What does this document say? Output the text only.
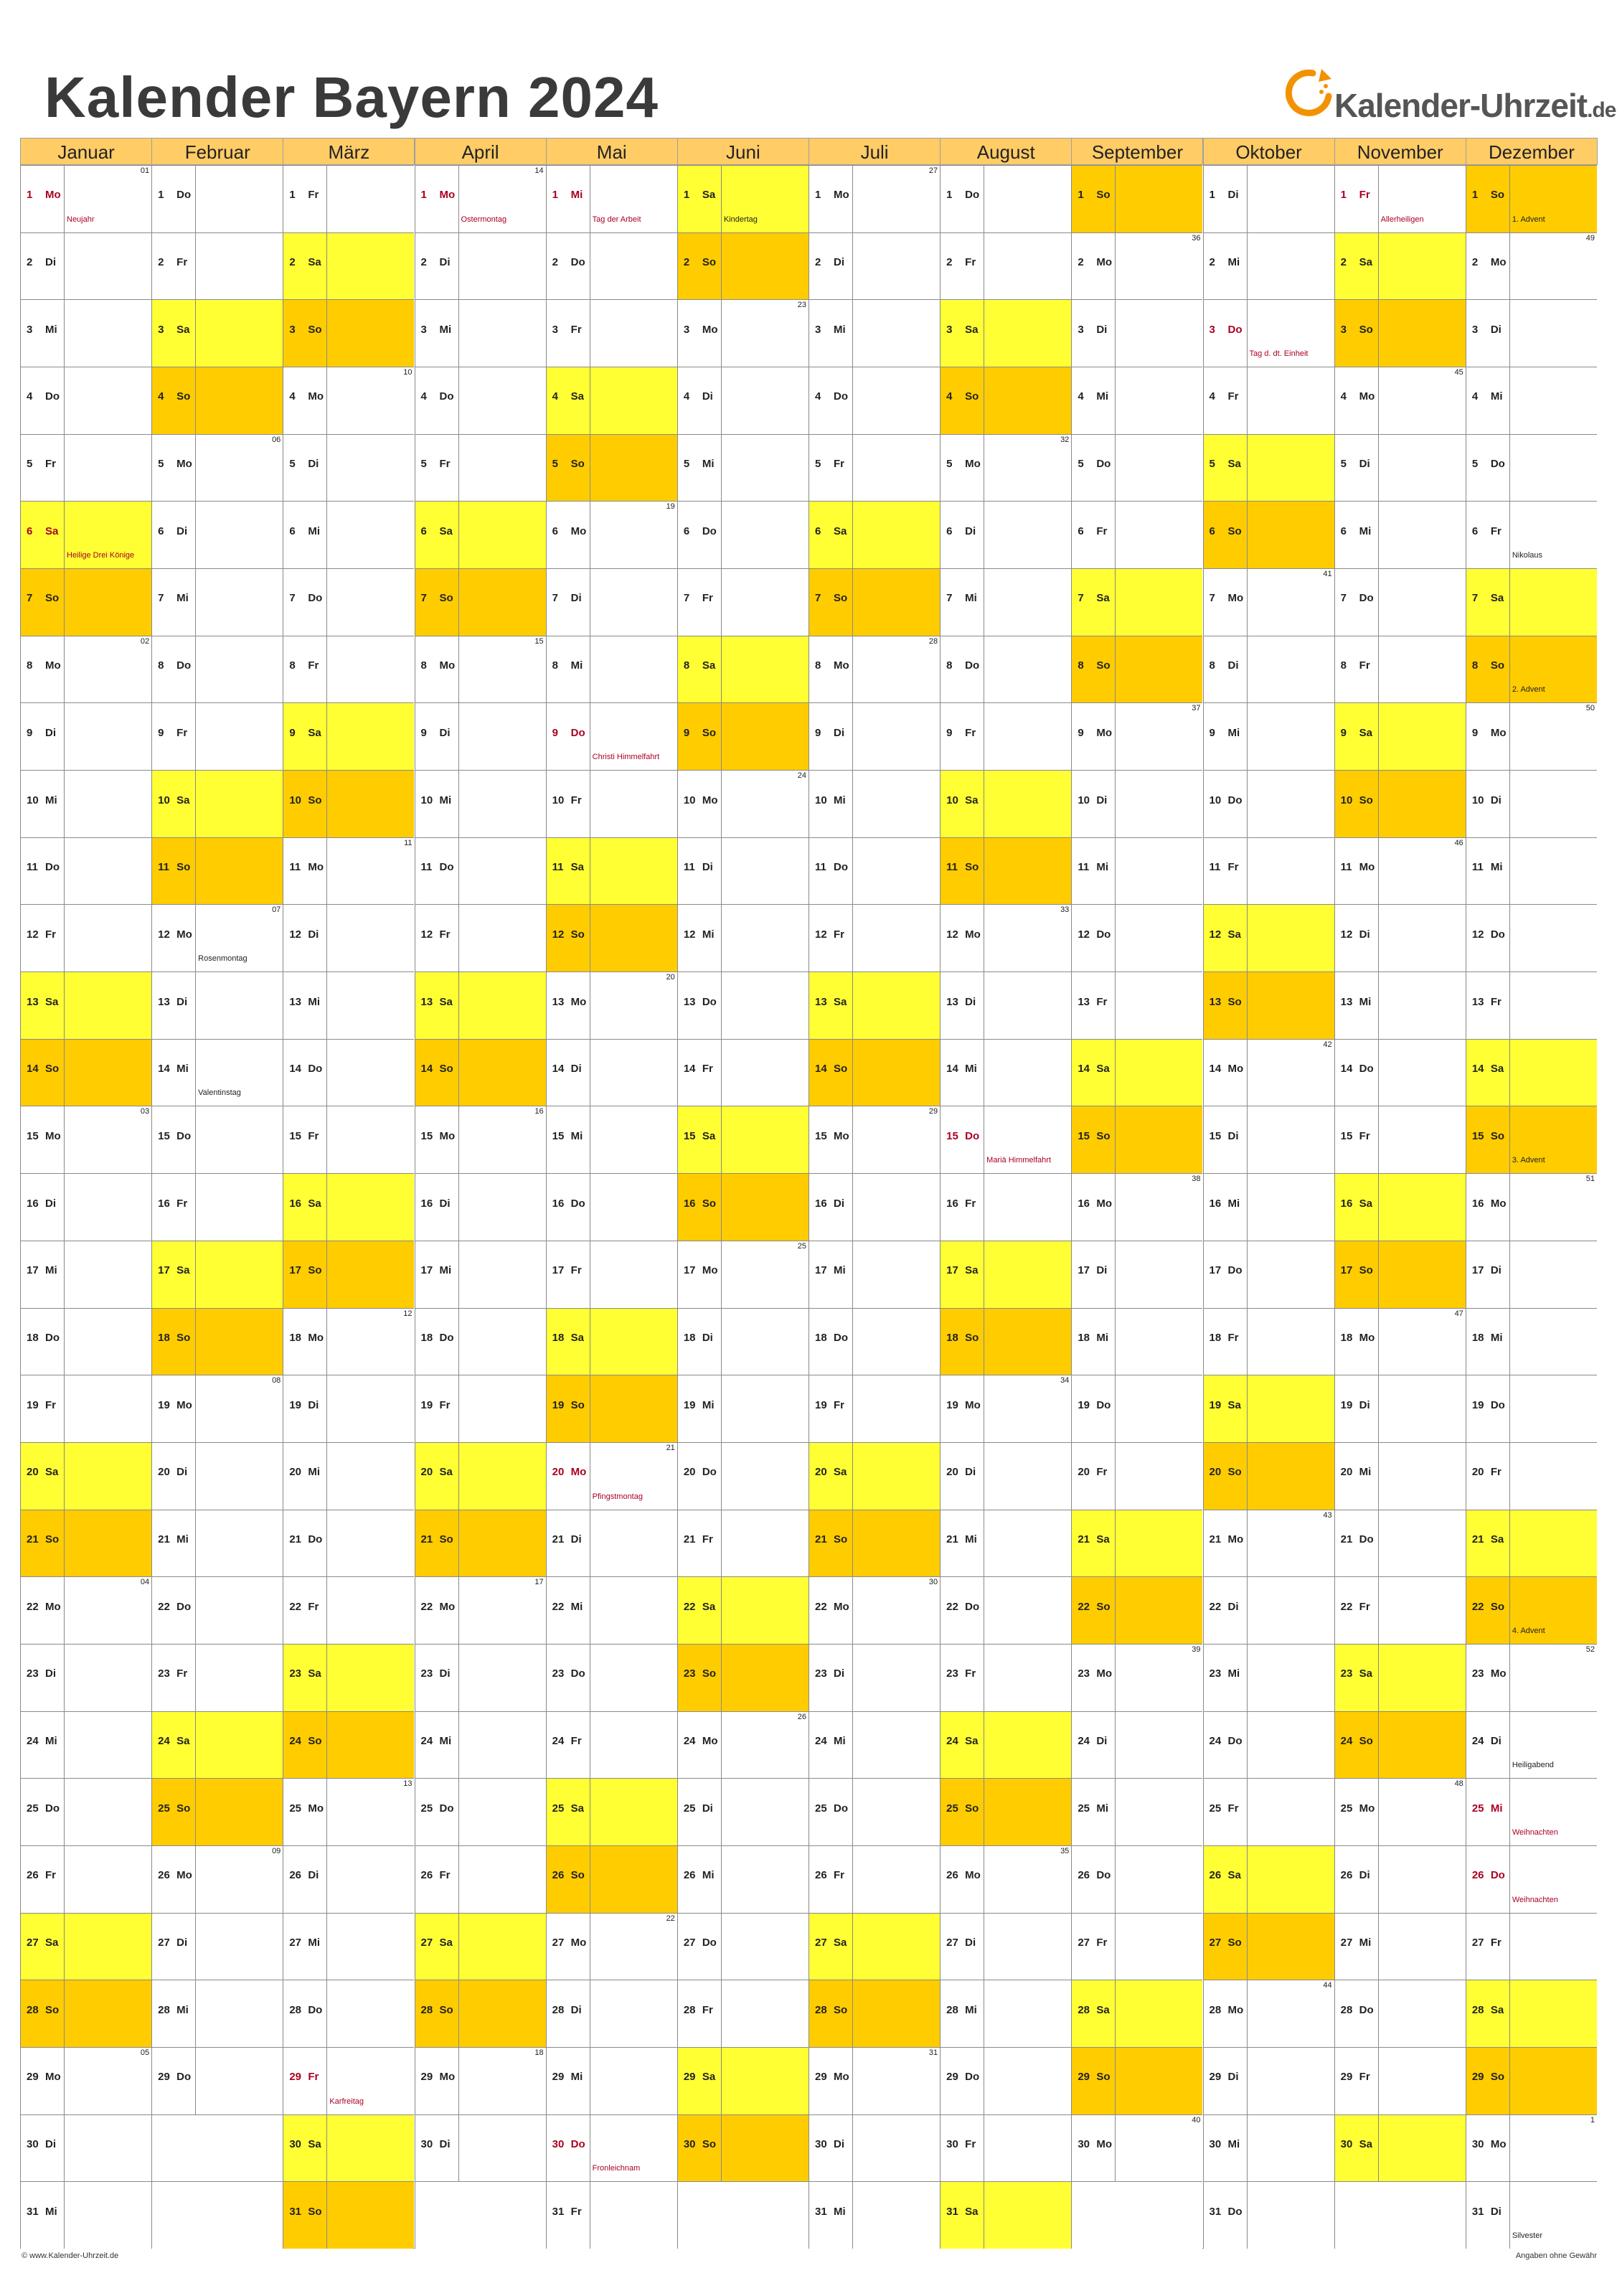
Kalender Bayern 2024	Kalender-Uhrzeit.de
Januar
1 Mo
Neujahr
01
2 Di
3 Mi
4 Do
5 Fr
6 Sa
Heilige Drei Könige
7 So
8 Mo
02
9 Di
10 Mi
11 Do
12 Fr
13 Sa
14 So
15 Mo
03
16 Di
17 Mi
18 Do
19 Fr
20 Sa
21 So
22 Mo
04
23 Di
24 Mi
25 Do
26 Fr
27 Sa
28 So
29 Mo
05
30 Di
31 Mi
Februar
1 Do
2 Fr
3 Sa
4 So
5 Mo
06
6 Di
7 Mi
8 Do
9 Fr
10 Sa
11 So
12 Mo
Rosenmontag
07
13 Di
14 Mi
Valentinstag
15 Do
16 Fr
17 Sa
18 So
19 Mo
08
20 Di
21 Mi
22 Do
23 Fr
24 Sa
25 So
26 Mo
09
27 Di
28 Mi
29 Do
März
1 Fr
2 Sa
3 So
4 Mo
10
5 Di
6 Mi
7 Do
8 Fr
9 Sa
10 So
11 Mo
11
12 Di
13 Mi
14 Do
15 Fr
16 Sa
17 So
18 Mo
12
19 Di
20 Mi
21 Do
22 Fr
23 Sa
24 So
25 Mo
13
26 Di
27 Mi
28 Do
29 Fr
Karfreitag
30 Sa
31 So
April
1 Mo
Ostermontag
14
2 Di
3 Mi
4 Do
5 Fr
6 Sa
7 So
8 Mo
15
9 Di
10 Mi
11 Do
12 Fr
13 Sa
14 So
15 Mo
16
16 Di
17 Mi
18 Do
19 Fr
20 Sa
21 So
22 Mo
17
23 Di
24 Mi
25 Do
26 Fr
27 Sa
28 So
29 Mo
18
30 Di
Mai
1 Mi
Tag der Arbeit
2 Do
3 Fr
4 Sa
5 So
6 Mo
19
7 Di
8 Mi
9 Do
Christi Himmelfahrt
10 Fr
11 Sa
12 So
13 Mo
20
14 Di
15 Mi
16 Do
17 Fr
18 Sa
19 So
20 Mo
Pfingstmontag
21
21 Di
22 Mi
23 Do
24 Fr
25 Sa
26 So
27 Mo
22
28 Di
29 Mi
30 Do
Fronleichnam
31 Fr
Juni
1 Sa
Kindertag
2 So
3 Mo
23
4 Di
5 Mi
6 Do
7 Fr
8 Sa
9 So
10 Mo
24
11 Di
12 Mi
13 Do
14 Fr
15 Sa
16 So
17 Mo
25
18 Di
19 Mi
20 Do
21 Fr
22 Sa
23 So
24 Mo
26
25 Di
26 Mi
27 Do
28 Fr
29 Sa
30 So
Juli
1 Mo
27
2 Di
3 Mi
4 Do
5 Fr
6 Sa
7 So
8 Mo
28
9 Di
10 Mi
11 Do
12 Fr
13 Sa
14 So
15 Mo
29
16 Di
17 Mi
18 Do
19 Fr
20 Sa
21 So
22 Mo
30
23 Di
24 Mi
25 Do
26 Fr
27 Sa
28 So
29 Mo
31
30 Di
31 Mi
August
1 Do
2 Fr
3 Sa
4 So
5 Mo
32
6 Di
7 Mi
8 Do
9 Fr
10 Sa
11 So
12 Mo
33
13 Di
14 Mi
15 Do
Mariä Himmelfahrt
16 Fr
17 Sa
18 So
19 Mo
34
20 Di
21 Mi
22 Do
23 Fr
24 Sa
25 So
26 Mo
35
27 Di
28 Mi
29 Do
30 Fr
31 Sa
September
1 So
2 Mo
36
3 Di
4 Mi
5 Do
6 Fr
7 Sa
8 So
9 Mo
37
10 Di
11 Mi
12 Do
13 Fr
14 Sa
15 So
16 Mo
38
17 Di
18 Mi
19 Do
20 Fr
21 Sa
22 So
23 Mo
39
24 Di
25 Mi
26 Do
27 Fr
28 Sa
29 So
30 Mo
40
Oktober
1 Di
2 Mi
3 Do
Tag d. dt. Einheit
4 Fr
5 Sa
6 So
7 Mo
41
8 Di
9 Mi
10 Do
11 Fr
12 Sa
13 So
14 Mo
42
15 Di
16 Mi
17 Do
18 Fr
19 Sa
20 So
21 Mo
43
22 Di
23 Mi
24 Do
25 Fr
26 Sa
27 So
28 Mo
44
29 Di
30 Mi
31 Do
November
1 Fr
Allerheiligen
2 Sa
3 So
4 Mo
45
5 Di
6 Mi
7 Do
8 Fr
9 Sa
10 So
11 Mo
46
12 Di
13 Mi
14 Do
15 Fr
16 Sa
17 So
18 Mo
47
19 Di
20 Mi
21 Do
22 Fr
23 Sa
24 So
25 Mo
48
26 Di
27 Mi
28 Do
29 Fr
30 Sa
Dezember
1 So
1. Advent
2 Mo
49
3 Di
4 Mi
5 Do
6 Fr
Nikolaus
7 Sa
8 So
2. Advent
9 Mo
50
10 Di
11 Mi
12 Do
13 Fr
14 Sa
15 So
3. Advent
16 Mo
51
17 Di
18 Mi
19 Do
20 Fr
21 Sa
22 So
4. Advent
23 Mo
52
24 Di
Heiligabend
25 Mi
Weihnachten
26 Do
Weihnachten
27 Fr
28 Sa
29 So
30 Mo
1
31 Di
Silvester
© www.Kalender-Uhrzeit.de	Angaben ohne Gewähr
